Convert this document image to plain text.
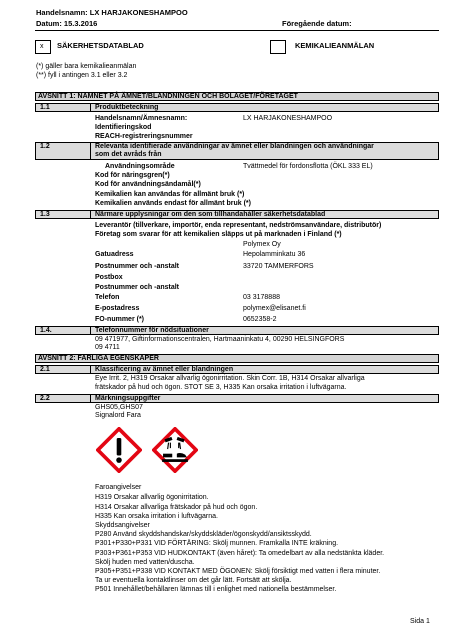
Handelsnamn: LX HARJAKONESHAMPOO
Datum: 15.3.2016	Föregående datum:
x SÄKERHETSDATABLAD	KEMIKALIEANMÄLAN
(*) gäller bara kemikalieanmälan
(**) fyll i antingen 3.1 eller 3.2
AVSNITT 1: NAMNET PÅ ÄMNET/BLANDNINGEN OCH BOLAGET/FÖRETAGET
1.1	Produktbeteckning
Handelsnamn/Ämnesnamn:	LX HARJAKONESHAMPOO
Identifieringskod
REACH-registreringsnummer
1.2	Relevanta identifierade användningar av ämnet eller blandningen och användningar
som det avråds från
Användningsområde	Tvättmedel för fordonsflotta (ÖKL 333 EL)
Kod för näringsgren(*)
Kod för användningsändamål(*)
Kemikalien kan användas för allmänt bruk (*)
Kemikalien används endast för allmänt bruk (*)
1.3	Närmare upplysningar om den som tillhandahåller säkerhetsdatablad
Leverantör (tillverkare, importör, enda representant, nedströmsanvändare, distributör)
Företag som svarar för att kemikalien släpps ut på marknaden i Finland (*)
Polymex Oy
Gatuadress	Hepolamminkatu 36
Postnummer och -anstalt	33720 TAMMERFORS
Postbox
Postnummer och -anstalt
Telefon	03 3178888
E-postadress	polymex@elisanet.fi
FO-nummer (*)	0652358-2
1.4.	Telefonnummer för nödsituationer
09 471977, Giftinformationscentralen, Hartmaaninkatu 4, 00290 HELSINGFORS
09 4711
AVSNITT 2: FARLIGA EGENSKAPER
2.1	Klassificering av ämnet eller blandningen
Eye Irrit. 2, H319 Orsakar allvarlig ögonirritation. Skin Corr. 1B, H314 Orsakar allvarliga
frätskador på hud och ögon. STOT SE 3, H335 Kan orsaka irritation i luftvägarna.
2.2	Märkningsuppgifter
GHS05,GHS07
Signalord Fara
Faroangivelser
H319 Orsakar allvarlig ögonirritation.
H314 Orsakar allvarliga frätskador på hud och ögon.
H335 Kan orsaka irritation i luftvägarna.
Skyddsangivelser
P280 Använd skyddshandskar/skyddskläder/ögonskydd/ansiktsskydd.
P301+P330+P331 VID FÖRTÄRING: Skölj munnen. Framkalla INTE kräkning.
P303+P361+P353 VID HUDKONTAKT (även håret): Ta omedelbart av alla nedstänkta kläder.
Skölj huden med vatten/duscha.
P305+P351+P338 VID KONTAKT MED ÖGONEN: Skölj försiktigt med vatten i flera minuter.
Ta ur eventuella kontaktlinser om det går lätt. Fortsätt att skölja.
P501 Innehållet/behållaren lämnas till i enlighet med nationella bestämmelser.
Sida 1
